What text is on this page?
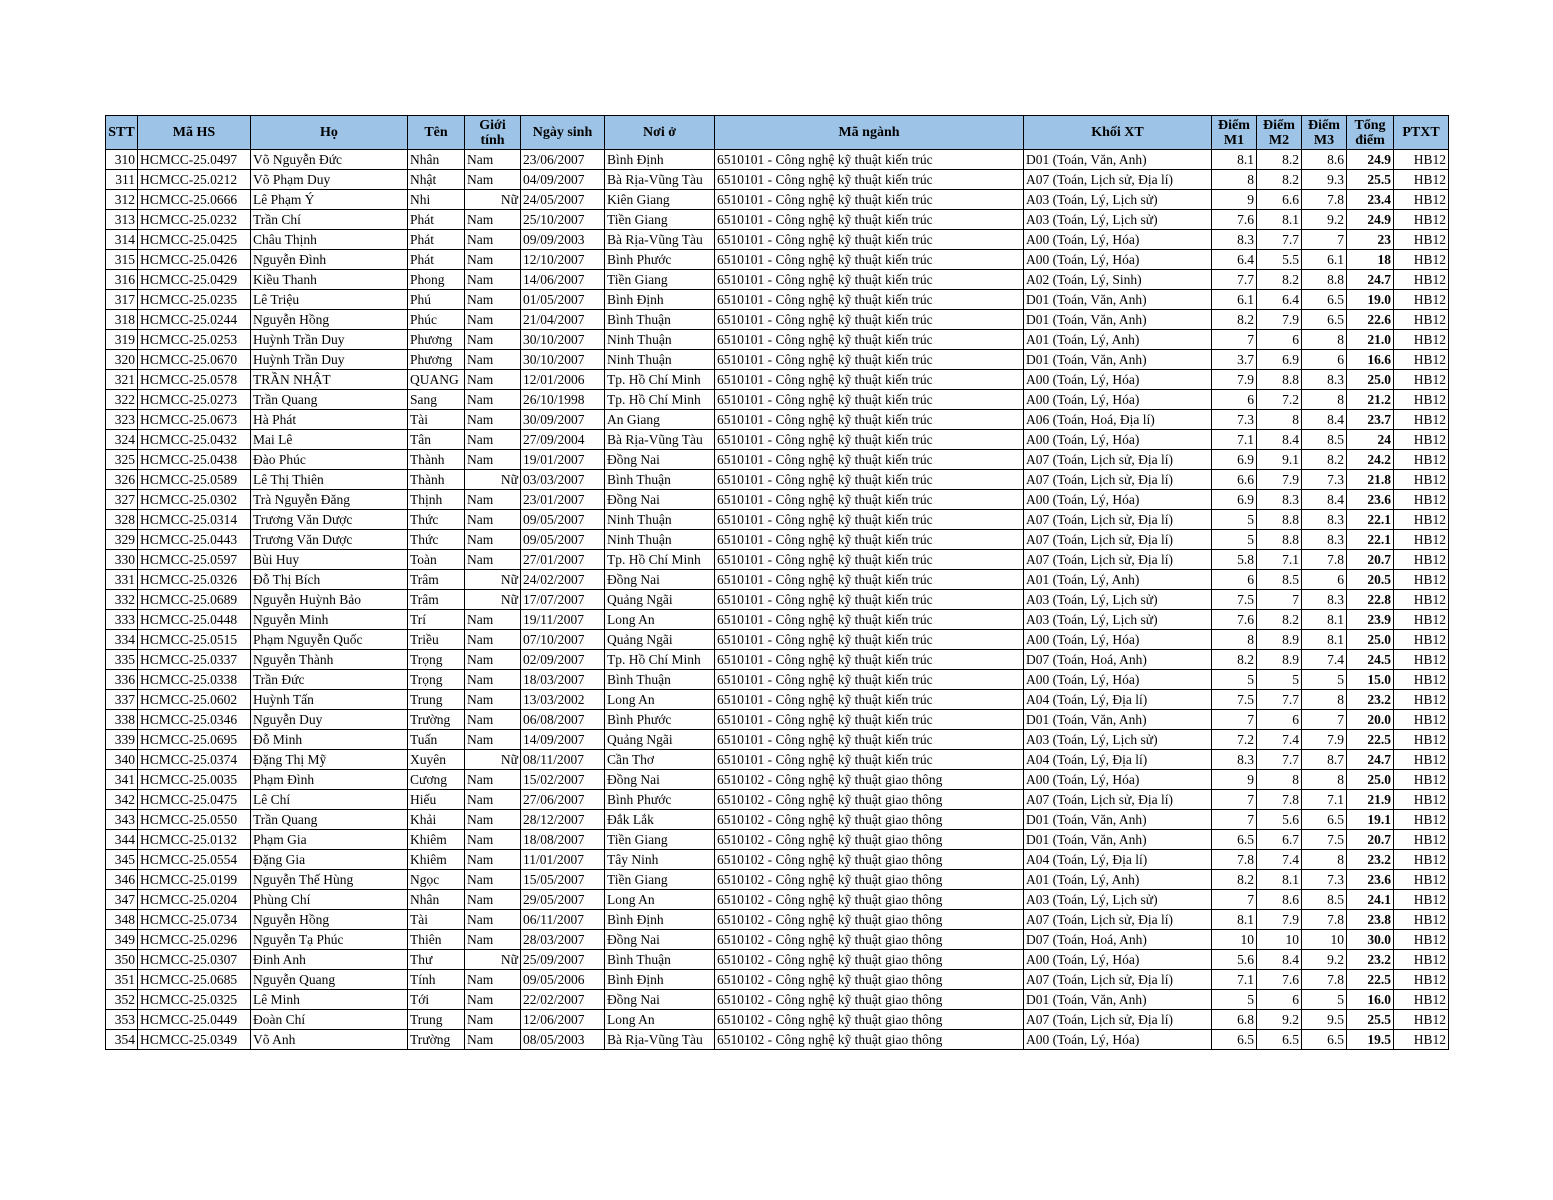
STT	Mã HS	Họ	Tên	Giới tính	Ngày sinh	Nơi ở	Mã ngành	Khối XT	Điểm M1	Điểm M2	Điểm M3	Tổng điểm	PTXT
310	HCMCC-25.0497	Võ Nguyễn Đức	Nhân	Nam	23/06/2007	Bình Định	6510101 - Công nghệ kỹ thuật kiến trúc	D01 (Toán, Văn, Anh)	8.1	8.2	8.6	24.9	HB12
311	HCMCC-25.0212	Võ Phạm Duy	Nhật	Nam	04/09/2007	Bà Rịa-Vũng Tàu	6510101 - Công nghệ kỹ thuật kiến trúc	A07 (Toán, Lịch sử, Địa lí)	8	8.2	9.3	25.5	HB12
312	HCMCC-25.0666	Lê Phạm Ý	Nhi	Nữ	24/05/2007	Kiên Giang	6510101 - Công nghệ kỹ thuật kiến trúc	A03 (Toán, Lý, Lịch sử)	9	6.6	7.8	23.4	HB12
313	HCMCC-25.0232	Trần Chí	Phát	Nam	25/10/2007	Tiền Giang	6510101 - Công nghệ kỹ thuật kiến trúc	A03 (Toán, Lý, Lịch sử)	7.6	8.1	9.2	24.9	HB12
314	HCMCC-25.0425	Châu Thịnh	Phát	Nam	09/09/2003	Bà Rịa-Vũng Tàu	6510101 - Công nghệ kỹ thuật kiến trúc	A00 (Toán, Lý, Hóa)	8.3	7.7	7	23	HB12
315	HCMCC-25.0426	Nguyễn Đình	Phát	Nam	12/10/2007	Bình Phước	6510101 - Công nghệ kỹ thuật kiến trúc	A00 (Toán, Lý, Hóa)	6.4	5.5	6.1	18	HB12
316	HCMCC-25.0429	Kiều Thanh	Phong	Nam	14/06/2007	Tiền Giang	6510101 - Công nghệ kỹ thuật kiến trúc	A02 (Toán, Lý, Sinh)	7.7	8.2	8.8	24.7	HB12
317	HCMCC-25.0235	Lê Triệu	Phú	Nam	01/05/2007	Bình Định	6510101 - Công nghệ kỹ thuật kiến trúc	D01 (Toán, Văn, Anh)	6.1	6.4	6.5	19.0	HB12
318	HCMCC-25.0244	Nguyễn Hồng	Phúc	Nam	21/04/2007	Bình Thuận	6510101 - Công nghệ kỹ thuật kiến trúc	D01 (Toán, Văn, Anh)	8.2	7.9	6.5	22.6	HB12
319	HCMCC-25.0253	Huỳnh Trần Duy	Phương	Nam	30/10/2007	Ninh Thuận	6510101 - Công nghệ kỹ thuật kiến trúc	A01 (Toán, Lý, Anh)	7	6	8	21.0	HB12
320	HCMCC-25.0670	Huỳnh Trần Duy	Phương	Nam	30/10/2007	Ninh Thuận	6510101 - Công nghệ kỹ thuật kiến trúc	D01 (Toán, Văn, Anh)	3.7	6.9	6	16.6	HB12
321	HCMCC-25.0578	TRẦN NHẬT	QUANG	Nam	12/01/2006	Tp. Hồ Chí Minh	6510101 - Công nghệ kỹ thuật kiến trúc	A00 (Toán, Lý, Hóa)	7.9	8.8	8.3	25.0	HB12
322	HCMCC-25.0273	Trần Quang	Sang	Nam	26/10/1998	Tp. Hồ Chí Minh	6510101 - Công nghệ kỹ thuật kiến trúc	A00 (Toán, Lý, Hóa)	6	7.2	8	21.2	HB12
323	HCMCC-25.0673	Hà Phát	Tài	Nam	30/09/2007	An Giang	6510101 - Công nghệ kỹ thuật kiến trúc	A06 (Toán, Hoá, Địa lí)	7.3	8	8.4	23.7	HB12
324	HCMCC-25.0432	Mai Lê	Tân	Nam	27/09/2004	Bà Rịa-Vũng Tàu	6510101 - Công nghệ kỹ thuật kiến trúc	A00 (Toán, Lý, Hóa)	7.1	8.4	8.5	24	HB12
325	HCMCC-25.0438	Đào Phúc	Thành	Nam	19/01/2007	Đồng Nai	6510101 - Công nghệ kỹ thuật kiến trúc	A07 (Toán, Lịch sử, Địa lí)	6.9	9.1	8.2	24.2	HB12
326	HCMCC-25.0589	Lê Thị Thiên	Thành	Nữ	03/03/2007	Bình Thuận	6510101 - Công nghệ kỹ thuật kiến trúc	A07 (Toán, Lịch sử, Địa lí)	6.6	7.9	7.3	21.8	HB12
327	HCMCC-25.0302	Trà Nguyễn Đăng	Thịnh	Nam	23/01/2007	Đồng Nai	6510101 - Công nghệ kỹ thuật kiến trúc	A00 (Toán, Lý, Hóa)	6.9	8.3	8.4	23.6	HB12
328	HCMCC-25.0314	Trương Văn Dược	Thức	Nam	09/05/2007	Ninh Thuận	6510101 - Công nghệ kỹ thuật kiến trúc	A07 (Toán, Lịch sử, Địa lí)	5	8.8	8.3	22.1	HB12
329	HCMCC-25.0443	Trương Văn Dược	Thức	Nam	09/05/2007	Ninh Thuận	6510101 - Công nghệ kỹ thuật kiến trúc	A07 (Toán, Lịch sử, Địa lí)	5	8.8	8.3	22.1	HB12
330	HCMCC-25.0597	Bùi Huy	Toàn	Nam	27/01/2007	Tp. Hồ Chí Minh	6510101 - Công nghệ kỹ thuật kiến trúc	A07 (Toán, Lịch sử, Địa lí)	5.8	7.1	7.8	20.7	HB12
331	HCMCC-25.0326	Đỗ Thị Bích	Trâm	Nữ	24/02/2007	Đồng Nai	6510101 - Công nghệ kỹ thuật kiến trúc	A01 (Toán, Lý, Anh)	6	8.5	6	20.5	HB12
332	HCMCC-25.0689	Nguyễn Huỳnh Bảo	Trâm	Nữ	17/07/2007	Quảng Ngãi	6510101 - Công nghệ kỹ thuật kiến trúc	A03 (Toán, Lý, Lịch sử)	7.5	7	8.3	22.8	HB12
333	HCMCC-25.0448	Nguyễn Minh	Trí	Nam	19/11/2007	Long An	6510101 - Công nghệ kỹ thuật kiến trúc	A03 (Toán, Lý, Lịch sử)	7.6	8.2	8.1	23.9	HB12
334	HCMCC-25.0515	Phạm Nguyễn Quốc	Triều	Nam	07/10/2007	Quảng Ngãi	6510101 - Công nghệ kỹ thuật kiến trúc	A00 (Toán, Lý, Hóa)	8	8.9	8.1	25.0	HB12
335	HCMCC-25.0337	Nguyễn Thành	Trọng	Nam	02/09/2007	Tp. Hồ Chí Minh	6510101 - Công nghệ kỹ thuật kiến trúc	D07 (Toán, Hoá, Anh)	8.2	8.9	7.4	24.5	HB12
336	HCMCC-25.0338	Trần Đức	Trọng	Nam	18/03/2007	Bình Thuận	6510101 - Công nghệ kỹ thuật kiến trúc	A00 (Toán, Lý, Hóa)	5	5	5	15.0	HB12
337	HCMCC-25.0602	Huỳnh Tấn	Trung	Nam	13/03/2002	Long An	6510101 - Công nghệ kỹ thuật kiến trúc	A04 (Toán, Lý, Địa lí)	7.5	7.7	8	23.2	HB12
338	HCMCC-25.0346	Nguyễn Duy	Trường	Nam	06/08/2007	Bình Phước	6510101 - Công nghệ kỹ thuật kiến trúc	D01 (Toán, Văn, Anh)	7	6	7	20.0	HB12
339	HCMCC-25.0695	Đỗ Minh	Tuấn	Nam	14/09/2007	Quảng Ngãi	6510101 - Công nghệ kỹ thuật kiến trúc	A03 (Toán, Lý, Lịch sử)	7.2	7.4	7.9	22.5	HB12
340	HCMCC-25.0374	Đặng Thị Mỹ	Xuyên	Nữ	08/11/2007	Cần Thơ	6510101 - Công nghệ kỹ thuật kiến trúc	A04 (Toán, Lý, Địa lí)	8.3	7.7	8.7	24.7	HB12
341	HCMCC-25.0035	Phạm Đình	Cương	Nam	15/02/2007	Đồng Nai	6510102 - Công nghệ kỹ thuật giao thông	A00 (Toán, Lý, Hóa)	9	8	8	25.0	HB12
342	HCMCC-25.0475	Lê Chí	Hiếu	Nam	27/06/2007	Bình Phước	6510102 - Công nghệ kỹ thuật giao thông	A07 (Toán, Lịch sử, Địa lí)	7	7.8	7.1	21.9	HB12
343	HCMCC-25.0550	Trần Quang	Khải	Nam	28/12/2007	Đắk Lắk	6510102 - Công nghệ kỹ thuật giao thông	D01 (Toán, Văn, Anh)	7	5.6	6.5	19.1	HB12
344	HCMCC-25.0132	Phạm Gia	Khiêm	Nam	18/08/2007	Tiền Giang	6510102 - Công nghệ kỹ thuật giao thông	D01 (Toán, Văn, Anh)	6.5	6.7	7.5	20.7	HB12
345	HCMCC-25.0554	Đặng Gia	Khiêm	Nam	11/01/2007	Tây Ninh	6510102 - Công nghệ kỹ thuật giao thông	A04 (Toán, Lý, Địa lí)	7.8	7.4	8	23.2	HB12
346	HCMCC-25.0199	Nguyễn Thế Hùng	Ngọc	Nam	15/05/2007	Tiền Giang	6510102 - Công nghệ kỹ thuật giao thông	A01 (Toán, Lý, Anh)	8.2	8.1	7.3	23.6	HB12
347	HCMCC-25.0204	Phùng Chí	Nhân	Nam	29/05/2007	Long An	6510102 - Công nghệ kỹ thuật giao thông	A03 (Toán, Lý, Lịch sử)	7	8.6	8.5	24.1	HB12
348	HCMCC-25.0734	Nguyễn Hồng	Tài	Nam	06/11/2007	Bình Định	6510102 - Công nghệ kỹ thuật giao thông	A07 (Toán, Lịch sử, Địa lí)	8.1	7.9	7.8	23.8	HB12
349	HCMCC-25.0296	Nguyễn Tạ Phúc	Thiên	Nam	28/03/2007	Đồng Nai	6510102 - Công nghệ kỹ thuật giao thông	D07 (Toán, Hoá, Anh)	10	10	10	30.0	HB12
350	HCMCC-25.0307	Đinh Anh	Thư	Nữ	25/09/2007	Bình Thuận	6510102 - Công nghệ kỹ thuật giao thông	A00 (Toán, Lý, Hóa)	5.6	8.4	9.2	23.2	HB12
351	HCMCC-25.0685	Nguyễn Quang	Tính	Nam	09/05/2006	Bình Định	6510102 - Công nghệ kỹ thuật giao thông	A07 (Toán, Lịch sử, Địa lí)	7.1	7.6	7.8	22.5	HB12
352	HCMCC-25.0325	Lê Minh	Tới	Nam	22/02/2007	Đồng Nai	6510102 - Công nghệ kỹ thuật giao thông	D01 (Toán, Văn, Anh)	5	6	5	16.0	HB12
353	HCMCC-25.0449	Đoàn Chí	Trung	Nam	12/06/2007	Long An	6510102 - Công nghệ kỹ thuật giao thông	A07 (Toán, Lịch sử, Địa lí)	6.8	9.2	9.5	25.5	HB12
354	HCMCC-25.0349	Võ Anh	Trường	Nam	08/05/2003	Bà Rịa-Vũng Tàu	6510102 - Công nghệ kỹ thuật giao thông	A00 (Toán, Lý, Hóa)	6.5	6.5	6.5	19.5	HB12
